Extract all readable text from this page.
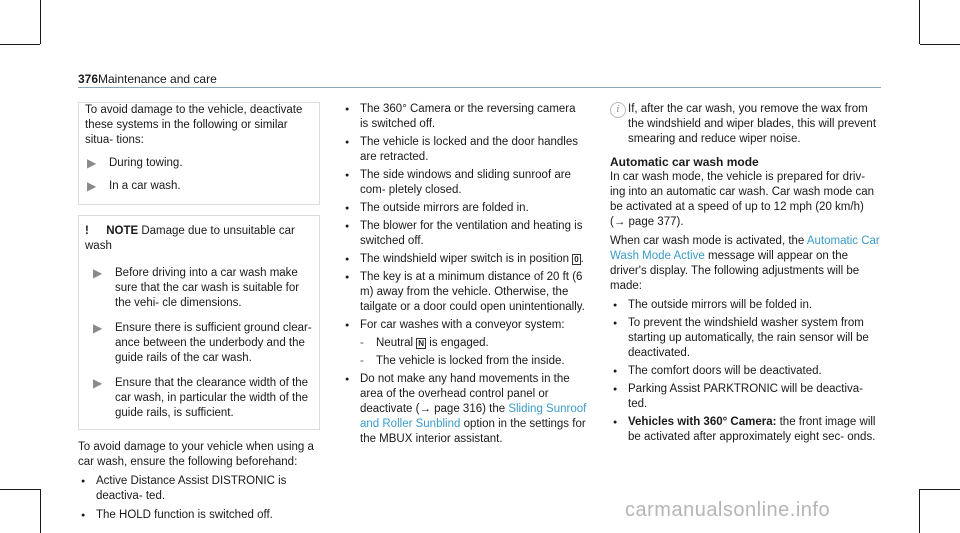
376 Maintenance and care

To avoid damage to the vehicle, deactivate these systems in the following or similar situa- tions:

▶ During towing.
▶ In a car wash.

! NOTE Damage due to unsuitable car wash

▶ Before driving into a car wash make sure that the car wash is suitable for the vehi- cle dimensions.
▶ Ensure there is sufficient ground clear- ance between the underbody and the guide rails of the car wash.
▶ Ensure that the clearance width of the car wash, in particular the width of the guide rails, is sufficient.

To avoid damage to your vehicle when using a car wash, ensure the following beforehand:

● Active Distance Assist DISTRONIC is deactiva- ted.
● The HOLD function is switched off.
● The 360° Camera or the reversing camera is switched off.
● The vehicle is locked and the door handles are retracted.
● The side windows and sliding sunroof are com- pletely closed.
● The outside mirrors are folded in.
● The blower for the ventilation and heating is switched off.
● The windshield wiper switch is in position 0 .
● The key is at a minimum distance of 20 ft (6 m) away from the vehicle. Otherwise, the tailgate or a door could open unintentionally.
● For car washes with a conveyor system:
- Neutral N is engaged.
- The vehicle is locked from the inside.
● Do not make any hand movements in the area of the overhead control panel or deactivate (→ page 316) the Sliding Sunroof and Roller Sunblind option in the settings for the MBUX interior assistant.
i If, after the car wash, you remove the wax from the windshield and wiper blades, this will prevent smearing and reduce wiper noise.

Automatic car wash mode

In car wash mode, the vehicle is prepared for driv- ing into an automatic car wash. Car wash mode can be activated at a speed of up to 12 mph (20 km/h) (→ page 377).

When car wash mode is activated, the Automatic Car Wash Mode Active message will appear on the driver's display. The following adjustments will be made:

● The outside mirrors will be folded in.
● To prevent the windshield washer system from starting up automatically, the rain sensor will be deactivated.
● The comfort doors will be deactivated.
● Parking Assist PARKTRONIC will be deactiva- ted.
● Vehicles with 360° Camera: the front image will be activated after approximately eight sec- onds.
carmanualsonline.info
